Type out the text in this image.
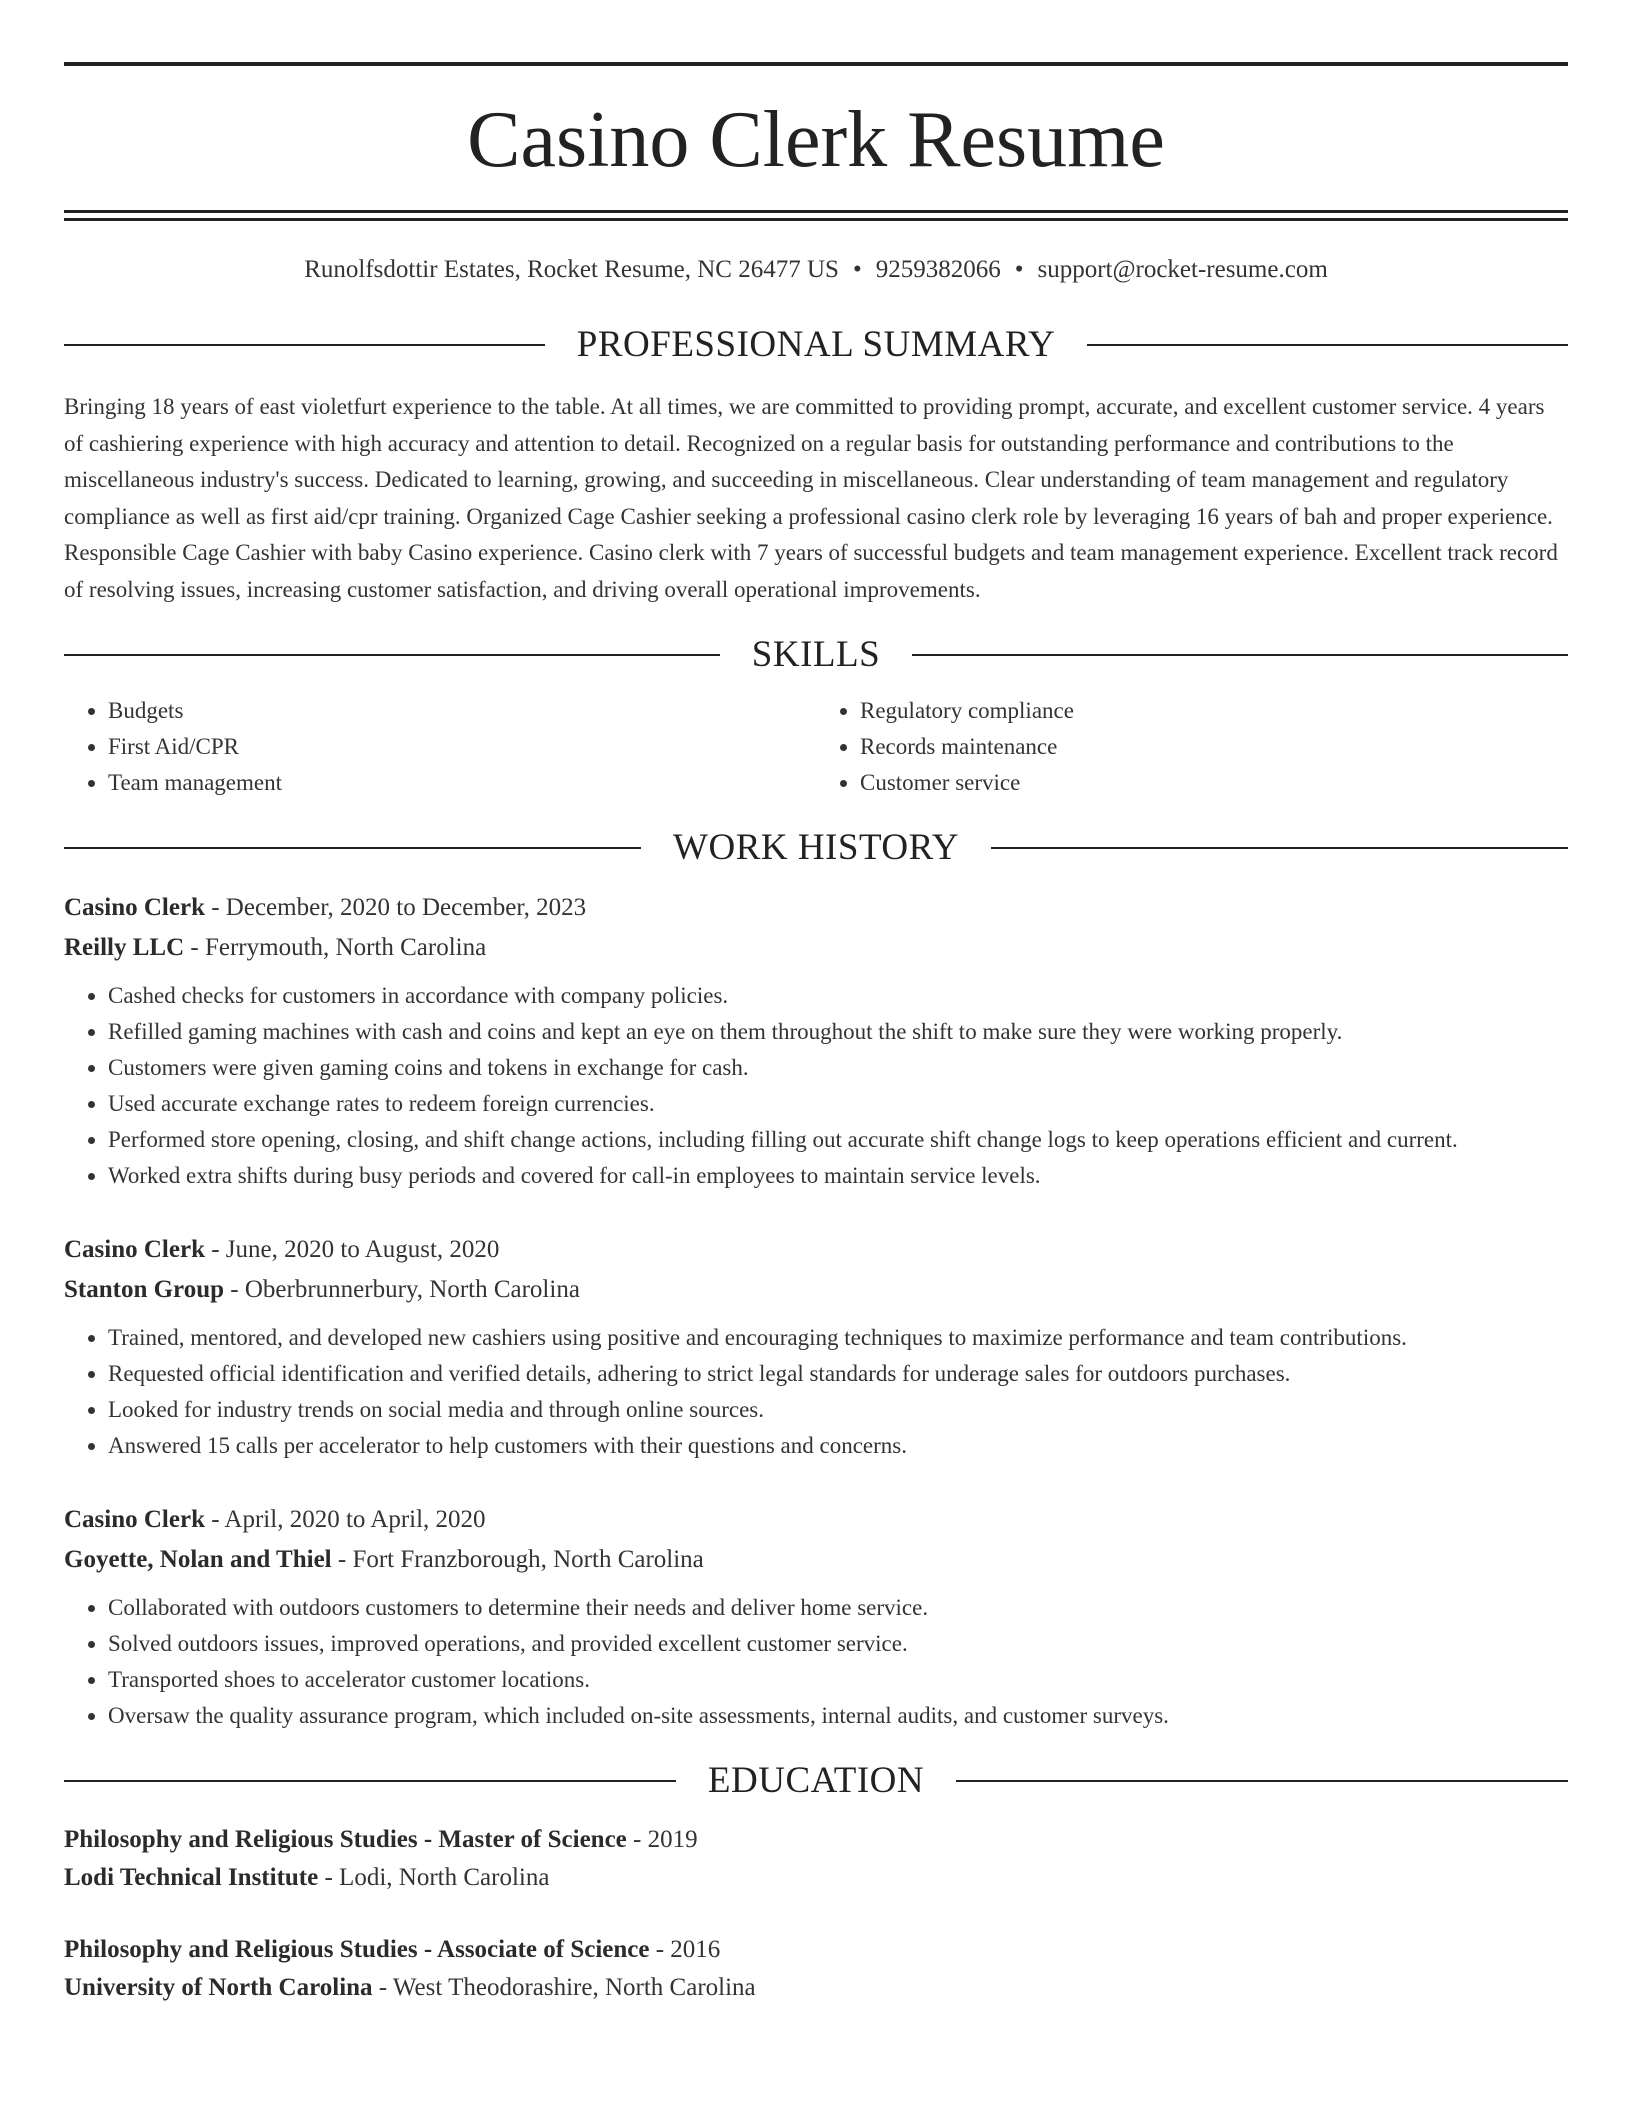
Casino Clerk Resume
Runolfsdottir Estates, Rocket Resume, NC 26477 US • 9259382066 • support@rocket-resume.com
PROFESSIONAL SUMMARY
Bringing 18 years of east violetfurt experience to the table. At all times, we are committed to providing prompt, accurate, and excellent customer service. 4 years of cashiering experience with high accuracy and attention to detail. Recognized on a regular basis for outstanding performance and contributions to the miscellaneous industry's success. Dedicated to learning, growing, and succeeding in miscellaneous. Clear understanding of team management and regulatory compliance as well as first aid/cpr training. Organized Cage Cashier seeking a professional casino clerk role by leveraging 16 years of bah and proper experience. Responsible Cage Cashier with baby Casino experience. Casino clerk with 7 years of successful budgets and team management experience. Excellent track record of resolving issues, increasing customer satisfaction, and driving overall operational improvements.
SKILLS
• Budgets
• First Aid/CPR
• Team management
• Regulatory compliance
• Records maintenance
• Customer service
WORK HISTORY
Casino Clerk - December, 2020 to December, 2023
Reilly LLC - Ferrymouth, North Carolina
• Cashed checks for customers in accordance with company policies.
• Refilled gaming machines with cash and coins and kept an eye on them throughout the shift to make sure they were working properly.
• Customers were given gaming coins and tokens in exchange for cash.
• Used accurate exchange rates to redeem foreign currencies.
• Performed store opening, closing, and shift change actions, including filling out accurate shift change logs to keep operations efficient and current.
• Worked extra shifts during busy periods and covered for call-in employees to maintain service levels.
Casino Clerk - June, 2020 to August, 2020
Stanton Group - Oberbrunnerbury, North Carolina
• Trained, mentored, and developed new cashiers using positive and encouraging techniques to maximize performance and team contributions.
• Requested official identification and verified details, adhering to strict legal standards for underage sales for outdoors purchases.
• Looked for industry trends on social media and through online sources.
• Answered 15 calls per accelerator to help customers with their questions and concerns.
Casino Clerk - April, 2020 to April, 2020
Goyette, Nolan and Thiel - Fort Franzborough, North Carolina
• Collaborated with outdoors customers to determine their needs and deliver home service.
• Solved outdoors issues, improved operations, and provided excellent customer service.
• Transported shoes to accelerator customer locations.
• Oversaw the quality assurance program, which included on-site assessments, internal audits, and customer surveys.
EDUCATION
Philosophy and Religious Studies - Master of Science - 2019
Lodi Technical Institute - Lodi, North Carolina
Philosophy and Religious Studies - Associate of Science - 2016
University of North Carolina - West Theodorashire, North Carolina
